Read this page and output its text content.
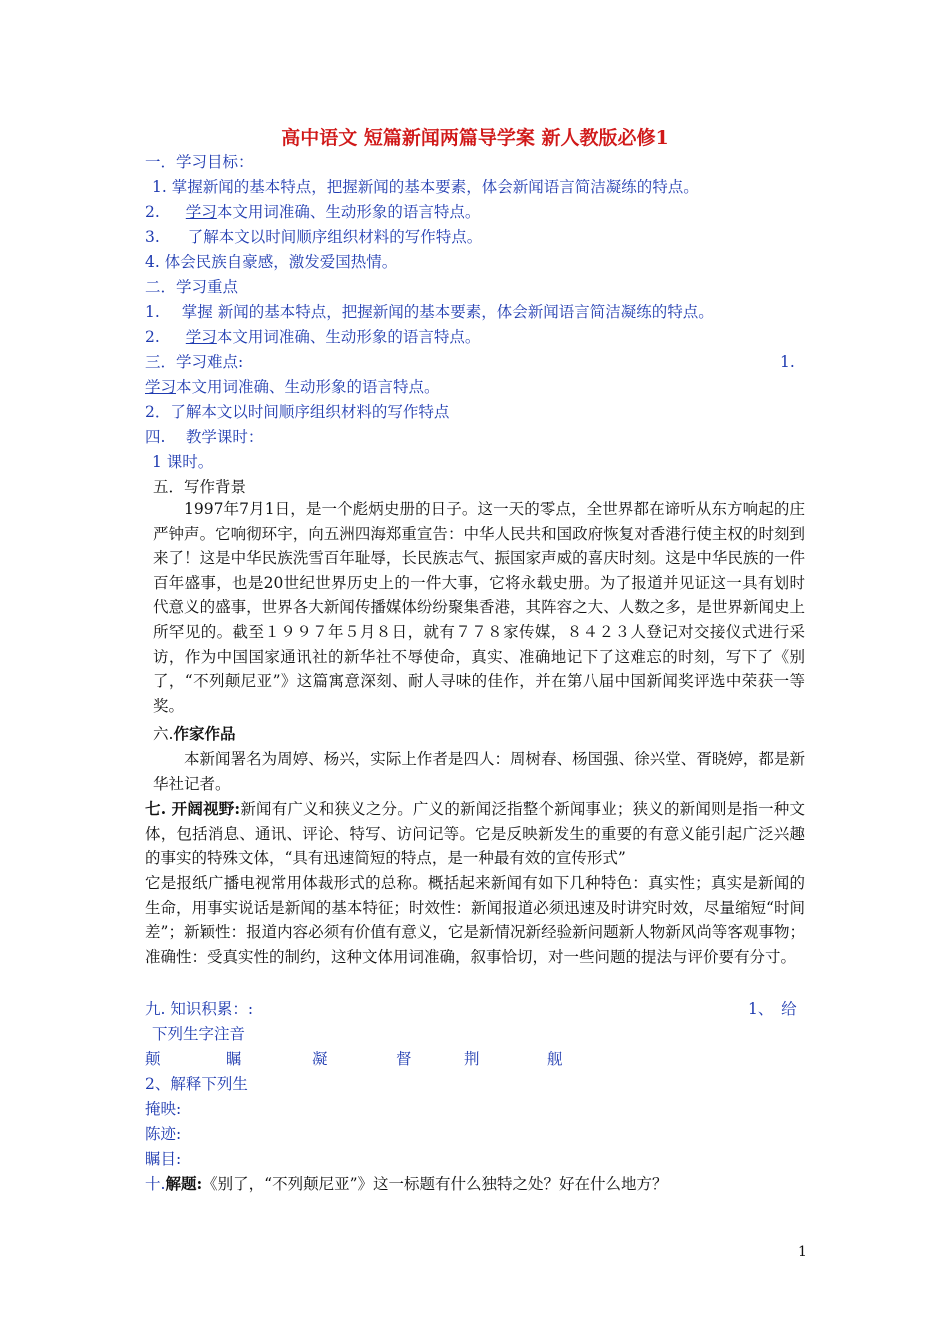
高中语文 短篇新闻两篇导学案 新人教版必修1
一．学习目标：
1. 掌握新闻的基本特点，把握新闻的基本要素，体会新闻语言简洁凝练的特点。
2. 学习本文用词准确、生动形象的语言特点。
3. 了解本文以时间顺序组织材料的写作特点。
4. 体会民族自豪感，激发爱国热情。
二．学习重点
1. 掌握 新闻的基本特点，把握新闻的基本要素，体会新闻语言简洁凝练的特点。
2. 学习本文用词准确、生动形象的语言特点。
三．学习难点:	1.
学习本文用词准确、生动形象的语言特点。
2．了解本文以时间顺序组织材料的写作特点
四.　 教学课时：
1 课时。
五．写作背景
1997年7月1日，是一个彪炳史册的日子。这一天的零点，全世界都在谛听从东方响起的庄严钟声。它响彻环宇，向五洲四海郑重宣告：中华人民共和国政府恢复对香港行使主权的时刻到来了！这是中华民族洗雪百年耻辱，长民族志气、振国家声威的喜庆时刻。这是中华民族的一件百年盛事，也是20世纪世界历史上的一件大事，它将永载史册。为了报道并见证这一具有划时代意义的盛事，世界各大新闻传播媒体纷纷聚集香港，其阵容之大、人数之多，是世界新闻史上所罕见的。截至１９９７年５月８日，就有７７８家传媒，８４２３人登记对交接仪式进行采访，作为中国国家通讯社的新华社不辱使命，真实、准确地记下了这难忘的时刻，写下了《别了，“不列颠尼亚”》这篇寓意深刻、耐人寻味的佳作，并在第八届中国新闻奖评选中荣获一等奖。
六.作家作品
本新闻署名为周婷、杨兴，实际上作者是四人：周树春、杨国强、徐兴堂、胥晓婷，都是新华社记者。
七. 开阔视野:新闻有广义和狭义之分。广义的新闻泛指整个新闻事业；狭义的新闻则是指一种文体，包括消息、通讯、评论、特写、访问记等。它是反映新发生的重要的有意义能引起广泛兴趣的事实的特殊文体，“具有迅速简短的特点，是一种最有效的宣传形式”
它是报纸广播电视常用体裁形式的总称。概括起来新闻有如下几种特色：真实性；真实是新闻的生命，用事实说话是新闻的基本特征；时效性：新闻报道必须迅速及时讲究时效，尽量缩短“时间差”；新颖性：报道内容必须有价值有意义，它是新情况新经验新问题新人物新风尚等客观事物；准确性：受真实性的制约，这种文体用词准确，叙事恰切，对一些问题的提法与评价要有分寸。
九. 知识积累：:	1、　给
下列生字注音
颠	瞩	凝	督	荆	舰
2、解释下列生
掩映:
陈迹:
瞩目:
十.解题:《别了，“不列颠尼亚”》这一标题有什么独特之处？好在什么地方？
1
